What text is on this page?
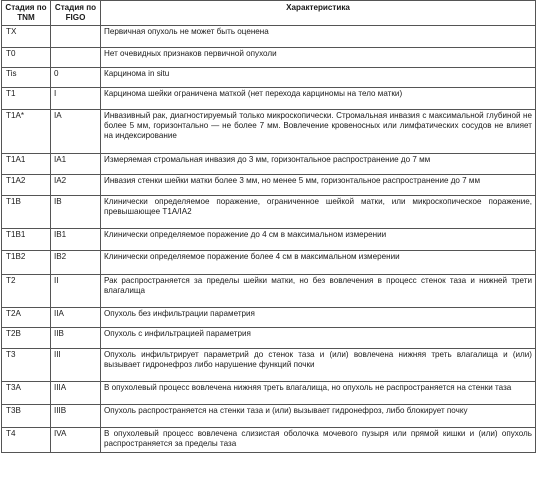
Стадия по TNM	Стадия по FIGO	Характеристика
TX		Первичная опухоль не может быть оценена
T0		Нет очевидных признаков первичной опухоли
Tis	0	Карцинома in situ
T1	I	Карцинома шейки ограничена маткой (нет перехода карциномы на тело матки)
T1A*	IA	Инвазивный рак, диагностируемый только микроскопически. Стромальная инвазия с максимальной глубиной не более 5 мм, горизонтально — не более 7 мм. Вовлечение кровеносных или лимфатических сосудов не влияет на индексирование
T1A1	IA1	Измеряемая стромальная инвазия до 3 мм, горизонтальное распространение до 7 мм
T1A2	IA2	Инвазия стенки шейки матки более 3 мм, но менее 5 мм, горизонтальное распространение до 7 мм
T1B	IB	Клинически определяемое поражение, ограниченное шейкой матки, или микроскопическое поражение, превышающее T1A/IA2
T1B1	IB1	Клинически определяемое поражение до 4 см в максимальном измерении
T1B2	IB2	Клинически определяемое поражение более 4 см в максимальном измерении
T2	II	Рак распространяется за пределы шейки матки, но без вовлечения в процесс стенок таза и нижней трети влагалища
T2A	IIA	Опухоль без инфильтрации параметрия
T2B	IIB	Опухоль с инфильтрацией параметрия
T3	III	Опухоль инфильтрирует параметрий до стенок таза и (или) вовлечена нижняя треть влагалища и (или) вызывает гидронефроз либо нарушение функций почки
T3A	IIIA	В опухолевый процесс вовлечена нижняя треть влагалища, но опухоль не распространяется на стенки таза
T3B	IIIB	Опухоль распространяется на стенки таза и (или) вызывает гидронефроз, либо блокирует почку
T4	IVA	В опухолевый процесс вовлечена слизистая оболочка мочевого пузыря или прямой кишки и (или) опухоль распространяется за пределы таза
